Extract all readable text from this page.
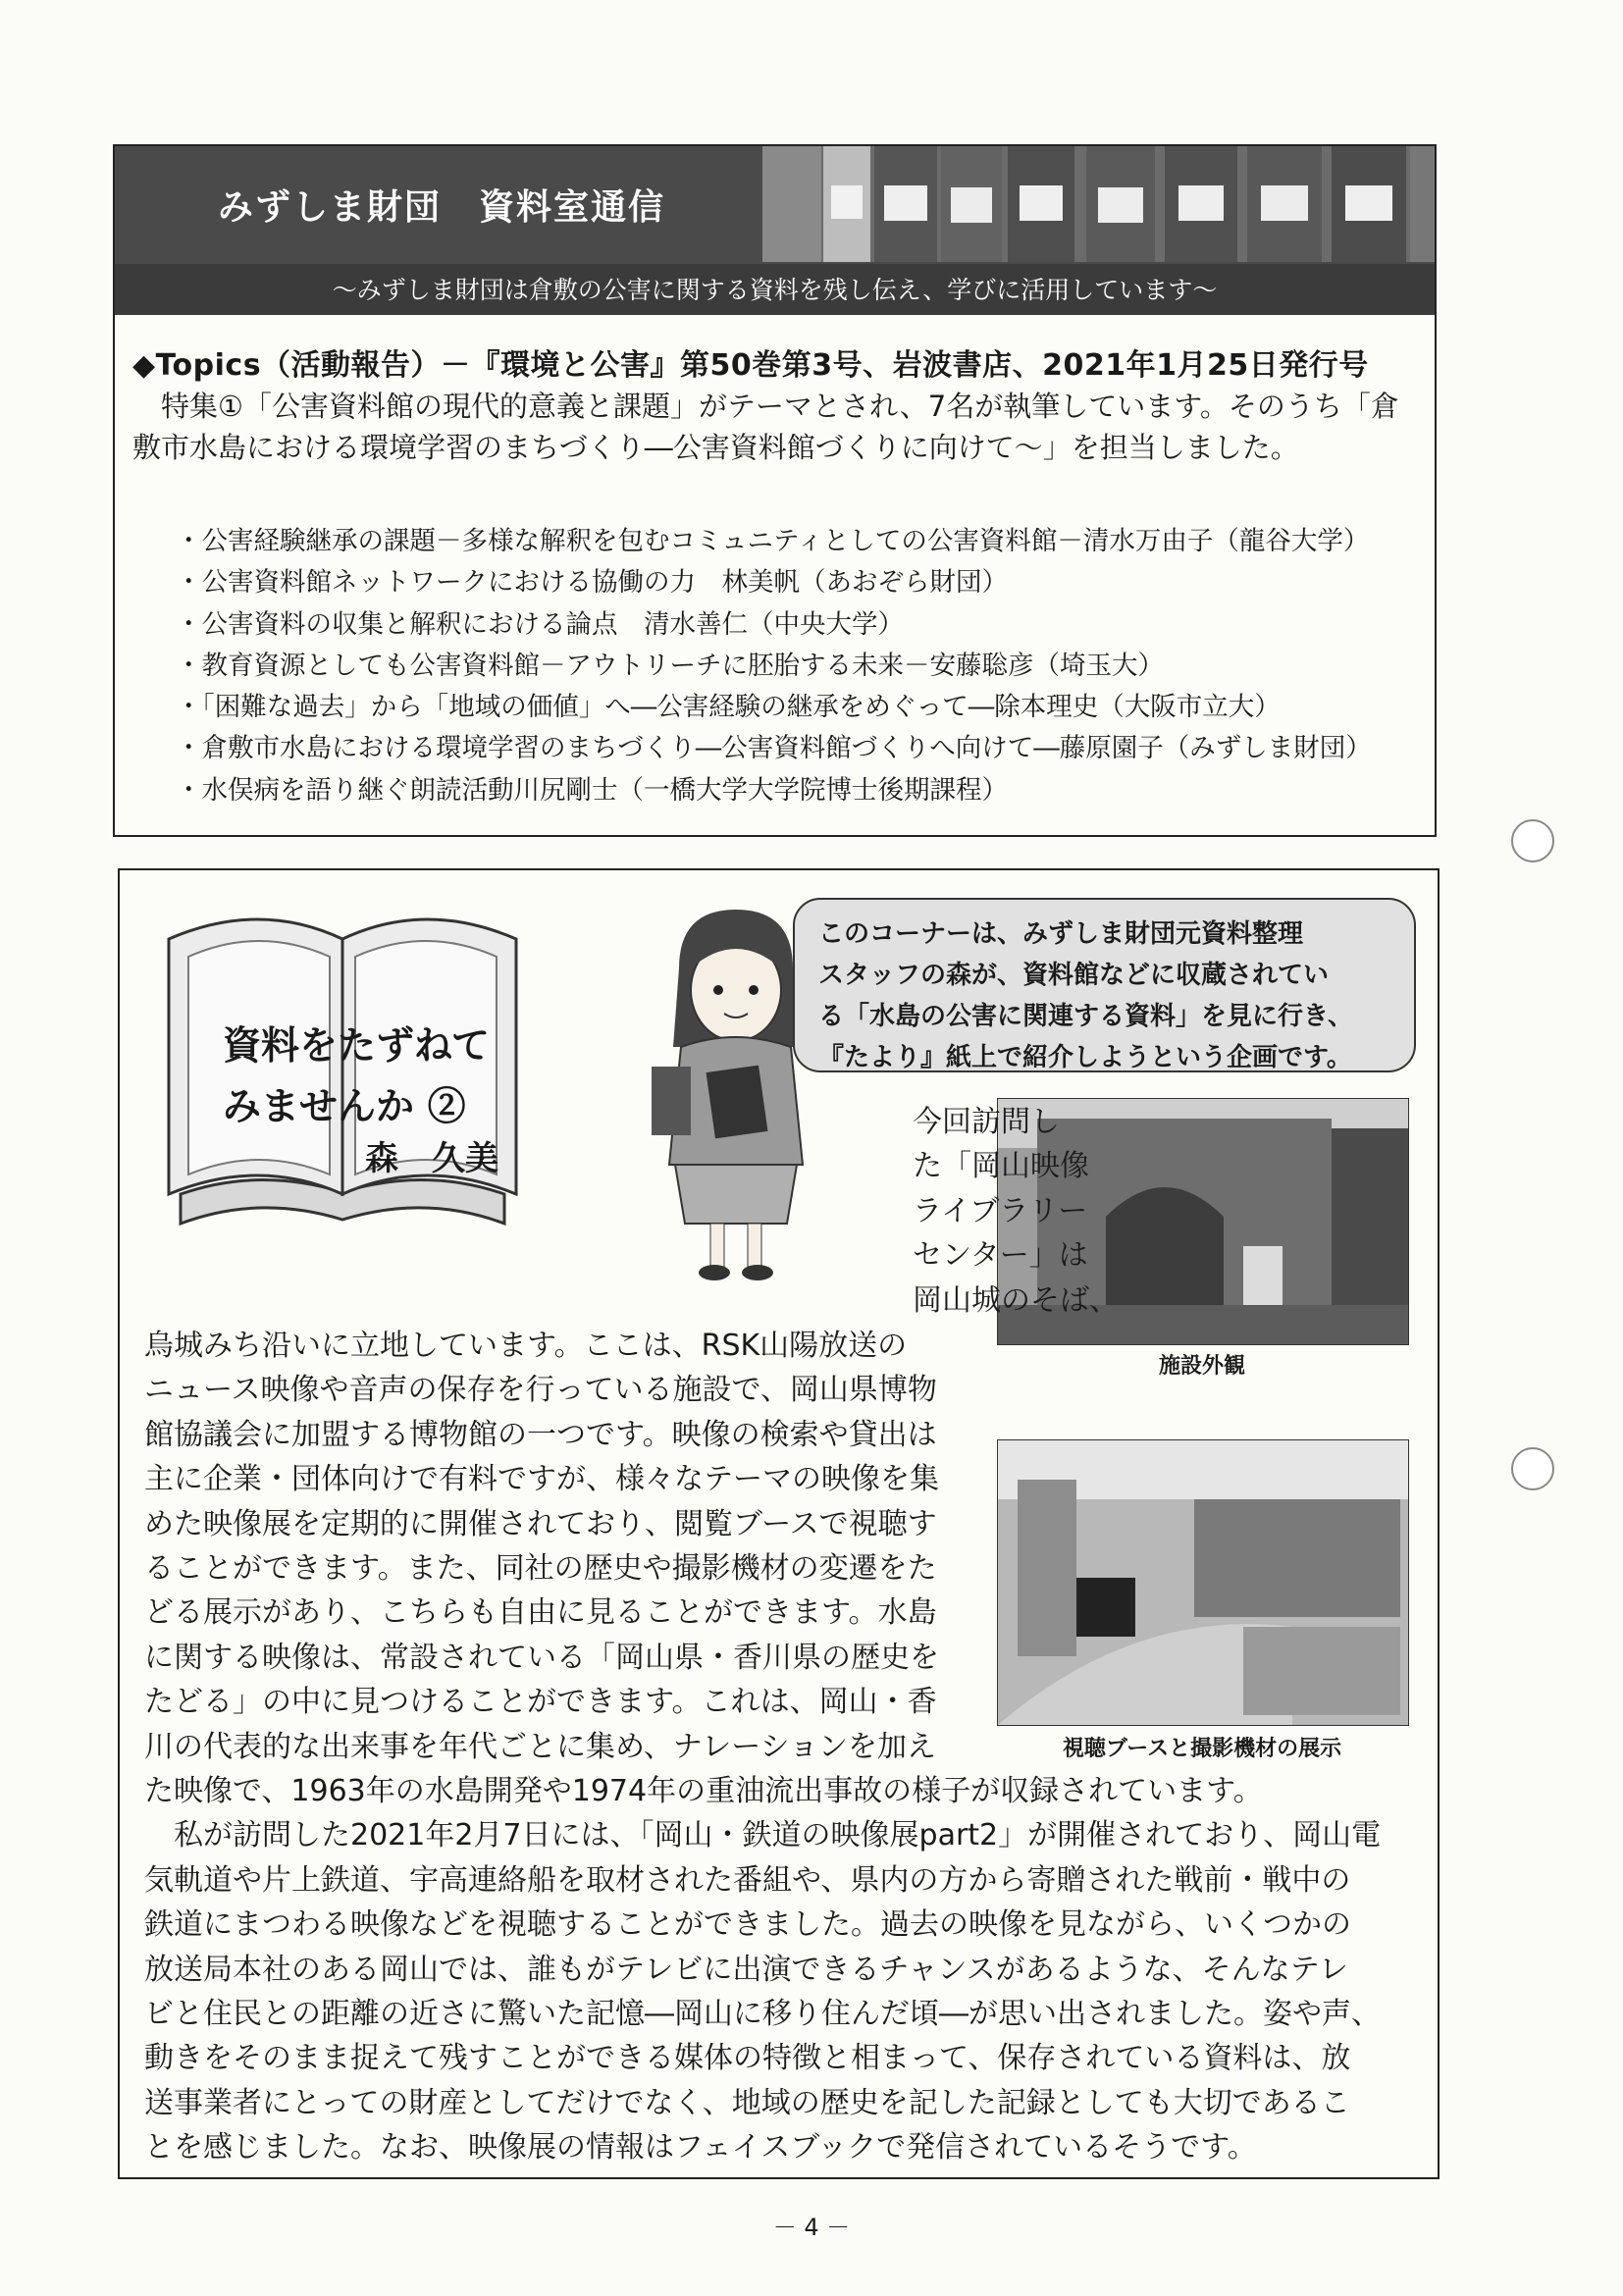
みずしま財団　資料室通信
～みずしま財団は倉敷の公害に関する資料を残し伝え、学びに活用しています～
◆Topics（活動報告）－『環境と公害』第50巻第3号、岩波書店、2021年1月25日発行号
特集①「公害資料館の現代的意義と課題」がテーマとされ、7名が執筆しています。そのうち「倉敷市水島における環境学習のまちづくり―公害資料館づくりに向けて～」を担当しました。
・公害経験継承の課題－多様な解釈を包むコミュニティとしての公害資料館－清水万由子（龍谷大学）
・公害資料館ネットワークにおける協働の力　林美帆（あおぞら財団）
・公害資料の収集と解釈における論点　清水善仁（中央大学）
・教育資源としても公害資料館－アウトリーチに胚胎する未来－安藤聡彦（埼玉大）
・「困難な過去」から「地域の価値」へ―公害経験の継承をめぐって―除本理史（大阪市立大）
・倉敷市水島における環境学習のまちづくり―公害資料館づくりへ向けて―藤原園子（みずしま財団）
・水俣病を語り継ぐ朗読活動川尻剛士（一橋大学大学院博士後期課程）
資料をたずねて
みませんか ②
森　久美
このコーナーは、みずしま財団元資料整理
スタッフの森が、資料館などに収蔵されてい
る「水島の公害に関連する資料」を見に行き、
『たより』紙上で紹介しようという企画です。
施設外観
視聴ブースと撮影機材の展示
今回訪問し
た「岡山映像
ライブラリー
センター」は
岡山城のそば、
烏城みち沿いに立地しています。ここは、RSK山陽放送の
ニュース映像や音声の保存を行っている施設で、岡山県博物
館協議会に加盟する博物館の一つです。映像の検索や貸出は
主に企業・団体向けで有料ですが、様々なテーマの映像を集
めた映像展を定期的に開催されており、閲覧ブースで視聴す
ることができます。また、同社の歴史や撮影機材の変遷をた
どる展示があり、こちらも自由に見ることができます。水島
に関する映像は、常設されている「岡山県・香川県の歴史を
たどる」の中に見つけることができます。これは、岡山・香
川の代表的な出来事を年代ごとに集め、ナレーションを加え
た映像で、1963年の水島開発や1974年の重油流出事故の様子が収録されています。
　私が訪問した2021年2月7日には、「岡山・鉄道の映像展part2」が開催されており、岡山電
気軌道や片上鉄道、宇高連絡船を取材された番組や、県内の方から寄贈された戦前・戦中の
鉄道にまつわる映像などを視聴することができました。過去の映像を見ながら、いくつかの
放送局本社のある岡山では、誰もがテレビに出演できるチャンスがあるような、そんなテレ
ビと住民との距離の近さに驚いた記憶―岡山に移り住んだ頃―が思い出されました。姿や声、
動きをそのまま捉えて残すことができる媒体の特徴と相まって、保存されている資料は、放
送事業者にとっての財産としてだけでなく、地域の歴史を記した記録としても大切であるこ
とを感じました。なお、映像展の情報はフェイスブックで発信されているそうです。
－ 4 －
